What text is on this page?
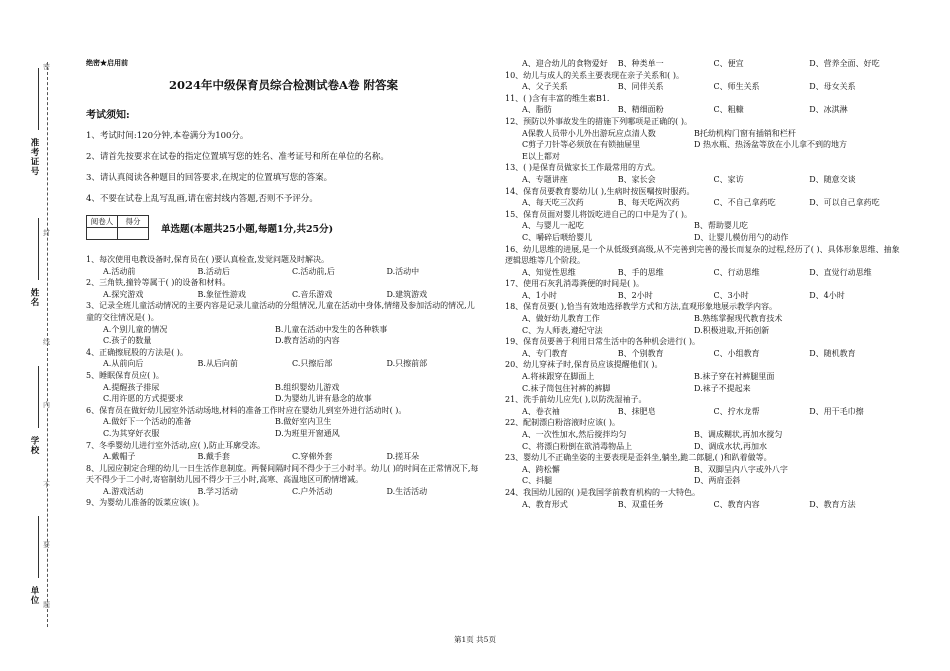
准考证号
姓名
学校
单位
密
封
线
内
不
要
题
绝密★启用前
2024年中级保育员综合检测试卷A卷 附答案
考试须知:
1、考试时间:120分钟,本卷满分为100分。
2、请首先按要求在试卷的指定位置填写您的姓名、准考证号和所在单位的名称。
3、请认真阅读各种题目的回答要求,在规定的位置填写您的答案。
4、不要在试卷上乱写乱画,请在密封线内答题,否则不予评分。
阅卷人	得分

单选题(本题共25小题,每题1分,共25分)
1、每次使用电教设备时,保育员在( )要认真检查,发觉问题及时解决。
A.活动前	B.活动后	C.活动前,后	D.活动中
2、三角铁,撞铃等属于( )的设备和材料。
A.探究游戏	B.象征性游戏	C.音乐游戏	D.建筑游戏
3、记录全班儿童活动情况的主要内容是记录儿童活动的分组情况,儿童在活动中身体,情绪及参加活动的情况,儿童的交往情况是( )。
A.个别儿童的情况	B.儿童在活动中发生的各种轶事
C.孩子的数量	D.教育活动的内容
4、正确擦屁股的方法是( )。
A.从前向后	B.从后向前	C.只擦后部	D.只擦前部
5、睡眠保育员应( )。
A.提醒孩子排尿	B.组织婴幼儿游戏
C.用许愿的方式提要求	D.为婴幼儿讲有悬念的故事
6、保育员在做好幼儿园室外活动场地,材料的准备工作时应在婴幼儿到室外进行活动时( )。
A.做好下一个活动的准备	B.做好室内卫生
C.为其穿好衣服	D.为班里开窗通风
7、冬季婴幼儿进行室外活动,应( ),防止耳廓受冻。
A.戴帽子	B.戴手套	C.穿棉外套	D.搓耳朵
8、儿园应制定合理的幼儿一日生活作息制度。两餐间隔时间不得少于三小时半。幼儿( )的时间在正常情况下,每天不得少于二小时,寄宿制幼儿园不得少于三小时,高寒、高温地区可酌情增减。
A.游戏活动	B.学习活动	C.户外活动	D.生活活动
9、为婴幼儿准备的饭菜应该( )。
A、迎合幼儿的食物爱好	B、种类单一	C、便宜	D、营养全面、好吃
10、幼儿与成人的关系主要表现在亲子关系和( )。
A、父子关系	B、同伴关系	C、师生关系	D、母女关系
11、( )含有丰富的维生素B1.
A、脂肪	B、精细面粉	C、粗糠	D、冰淇淋
12、预防以外事故发生的措施下列哪项是正确的( )。
A保教人员带小儿外出游玩应点清人数	B托幼机构门窗有插销和栏杆
C剪子刀针等必须放在有锁抽屉里	D 热水瓶、热汤盆等放在小儿拿不到的地方
E以上都对
13、( )是保育员做家长工作最常用的方式。
A、专题讲座	B、家长会	C、家访	D、随意交谈
14、保育员要教育婴幼儿( ),生病时按医嘱按时服药。
A、每天吃三次药	B、每天吃两次药	C、不自己拿药吃	D、可以自己拿药吃
15、保育员面对婴儿将饭吃进自己的口中是为了( )。
A、与婴儿一起吃	B、帮助婴儿吃
C、嚼碎后喂给婴儿	D、让婴儿模仿用勺的动作
16、幼儿思维的进展,是一个从低级到高级,从不完善到完善的漫长而复杂的过程,经历了( )、具体形象思维、抽象逻辑思维等几个阶段。
A、知觉性思维	B、手的思维	C、行动思维	D、直觉行动思维
17、使用石灰乳消毒粪便的时间是( )。
A、1小时	B、2小时	C、3小时	D、4小时
18、保育员要( ),恰当有效地选择教学方式和方法,直观形象地展示教学内容。
A、做好幼儿教育工作	B.熟练掌握现代教育技术
C、为人师表,遵纪守法	D.积极进取,开拓创新
19、保育员要善于利用日常生活中的各种机会进行( )。
A、专门教育	B、个别教育	C、小组教育	D、随机教育
20、幼儿穿袜子时,保育员应该提醒他们( )。
A.将袜跟穿在脚面上	B.袜子穿在衬裤腿里面
C.袜子筒包住衬裤的裤脚	D.袜子不提起来
21、洗手前幼儿应先( ),以防洗湿袖子。
A、卷衣袖	B、抹肥皂	C、拧水龙帮	D、用干毛巾擦
22、配制漂白粉溶液时应该( )。
A、一次性加水,然后搅拌均匀	B、调成糊状,再加水搅匀
C、将漂白粉倒在欲消毒物品上	D、调成水状,再加水
23、婴幼儿不正确坐姿的主要表现是歪斜坐,躺坐,跪二郎腿,( )和趴着做等。
A、跨松懈	B、双脚呈内八字或外八字
C、抖腿	D、两肩歪斜
24、我国幼儿园的( )是我国学前教育机构的一大特色。
A、教育形式	B、双重任务	C、教育内容	D、教育方法
第1页 共5页
